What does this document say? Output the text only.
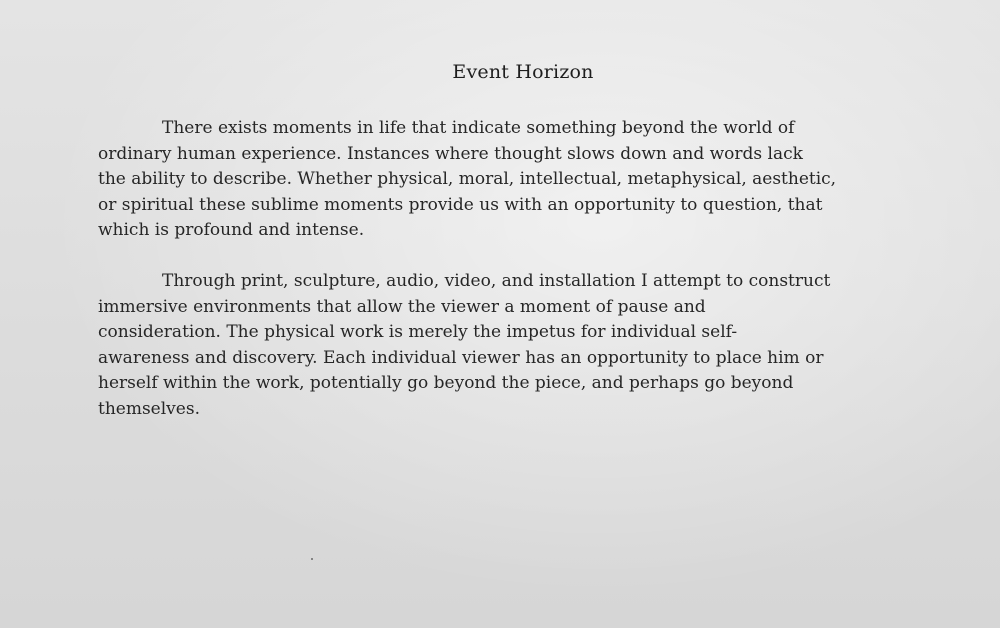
Event Horizon

There exists moments in life that indicate something beyond the world of
ordinary human experience. Instances where thought slows down and words lack
the ability to describe. Whether physical, moral, intellectual, metaphysical, aesthetic,
or spiritual these sublime moments provide us with an opportunity to question, that
which is profound and intense.

Through print, sculpture, audio, video, and installation I attempt to construct
immersive environments that allow the viewer a moment of pause and
consideration. The physical work is merely the impetus for individual self-
awareness and discovery. Each individual viewer has an opportunity to place him or
herself within the work, potentially go beyond the piece, and perhaps go beyond
themselves.
